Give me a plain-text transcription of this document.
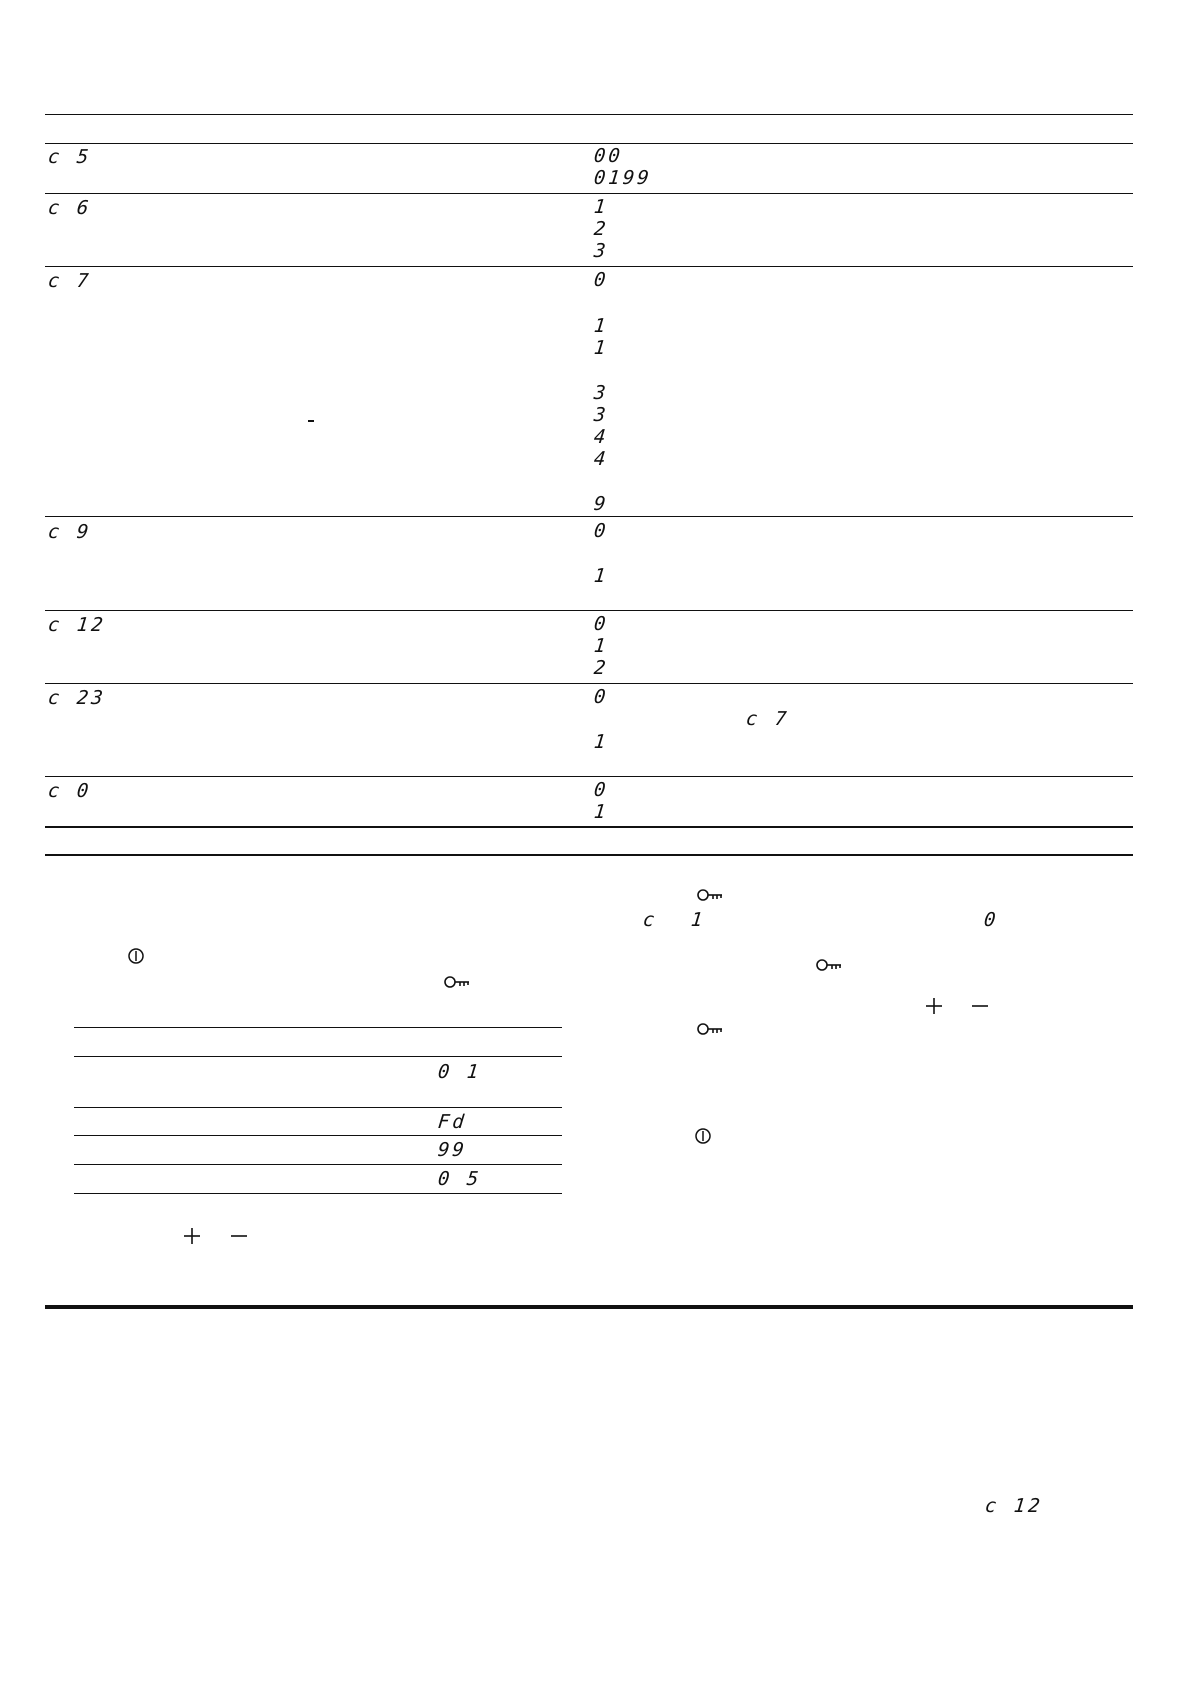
c 5	00
0199
c 6	1
2
3
c 7	0
1
1
3
3
4
4
9
c 9	0
1
c 12	0
1
2
c 23	0
c 7
1
c 0	0
1
0 1
Fd
99
0 5
c 1	0
c 12
